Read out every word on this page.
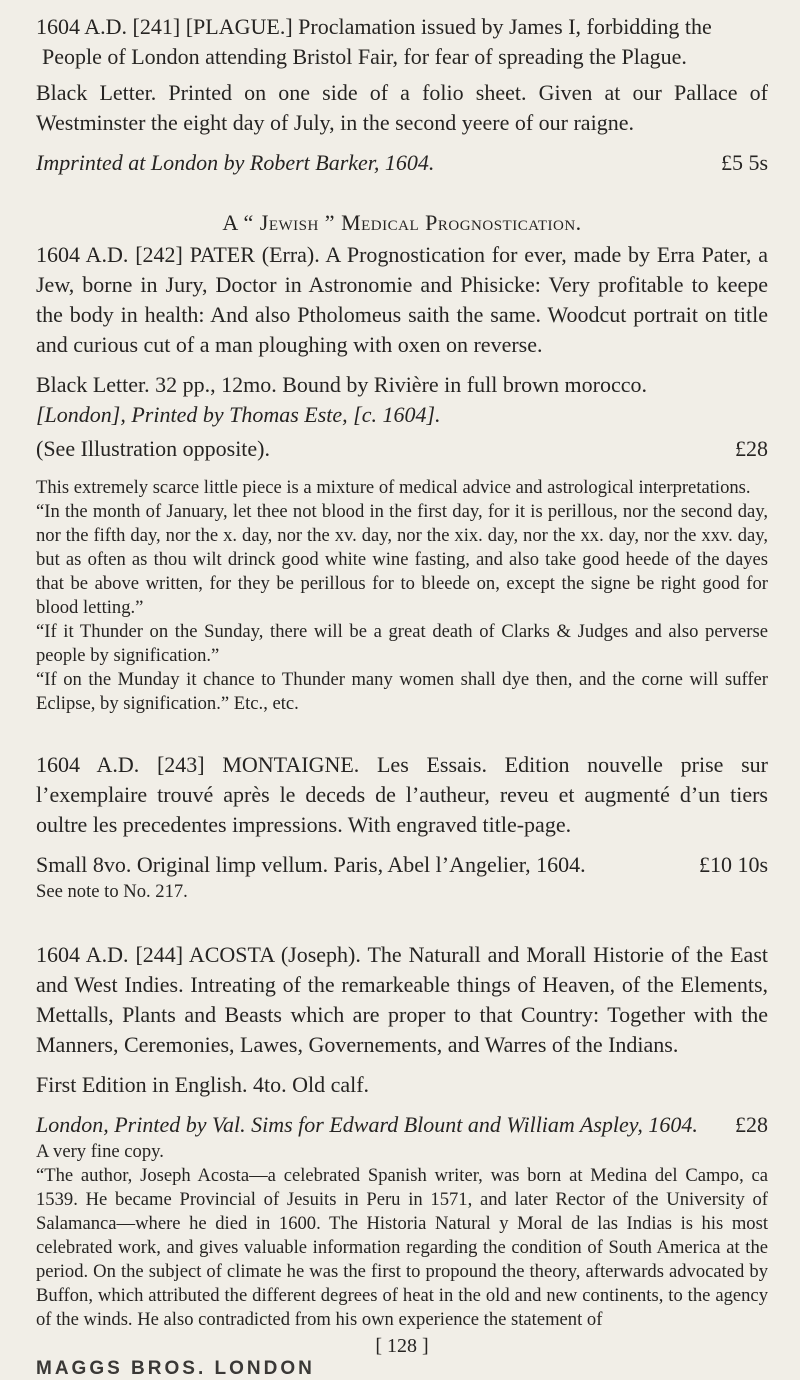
1604 A.D. [241] [PLAGUE.] Proclamation issued by James I, forbidding the

People of London attending Bristol Fair, for fear of spreading the Plague.

Black Letter. Printed on one side of a folio sheet. Given at our Pallace of Westminster the eight day of July, in the second yeere of our raigne.

Imprinted at London by Robert Barker, 1604.	£5 5s

A “ Jewish ” Medical Prognostication.

1604 A.D. [242] PATER (Erra). A Prognostication for ever, made by Erra Pater, a Jew, borne in Jury, Doctor in Astronomie and Phisicke: Very profitable to keepe the body in health: And also Ptholomeus saith the same. Woodcut portrait on title and curious cut of a man ploughing with oxen on reverse.

Black Letter. 32 pp., 12mo. Bound by Rivière in full brown morocco.

[London], Printed by Thomas Este, [c. 1604].

(See Illustration opposite).	£28

This extremely scarce little piece is a mixture of medical advice and astrological interpretations.

“In the month of January, let thee not blood in the first day, for it is perillous, nor the second day, nor the fifth day, nor the x. day, nor the xv. day, nor the xix. day, nor the xx. day, nor the xxv. day, but as often as thou wilt drinck good white wine fasting, and also take good heede of the dayes that be above written, for they be perillous for to bleede on, except the signe be right good for blood letting.”

“If it Thunder on the Sunday, there will be a great death of Clarks & Judges and also perverse people by signification.”

“If on the Munday it chance to Thunder many women shall dye then, and the corne will suffer Eclipse, by signification.” Etc., etc.

1604 A.D. [243] MONTAIGNE. Les Essais. Edition nouvelle prise sur l’exemplaire trouvé après le deceds de l’autheur, reveu et augmenté d’un tiers oultre les precedentes impressions. With engraved title-page.

Small 8vo. Original limp vellum. Paris, Abel l’Angelier, 1604.	£10 10s

See note to No. 217.

1604 A.D. [244] ACOSTA (Joseph). The Naturall and Morall Historie of the East and West Indies. Intreating of the remarkeable things of Heaven, of the Elements, Mettalls, Plants and Beasts which are proper to that Country: Together with the Manners, Ceremonies, Lawes, Governements, and Warres of the Indians.

First Edition in English. 4to. Old calf.

London, Printed by Val. Sims for Edward Blount and William Aspley, 1604.	£28

A very fine copy.

“The author, Joseph Acosta—a celebrated Spanish writer, was born at Medina del Campo, ca 1539. He became Provincial of Jesuits in Peru in 1571, and later Rector of the University of Salamanca—where he died in 1600. The Historia Natural y Moral de las Indias is his most celebrated work, and gives valuable information regarding the condition of South America at the period. On the subject of climate he was the first to propound the theory, afterwards advocated by Buffon, which attributed the different degrees of heat in the old and new continents, to the agency of the winds. He also contradicted from his own experience the statement of

[ 128 ]
MAGGS BROS. LONDON
